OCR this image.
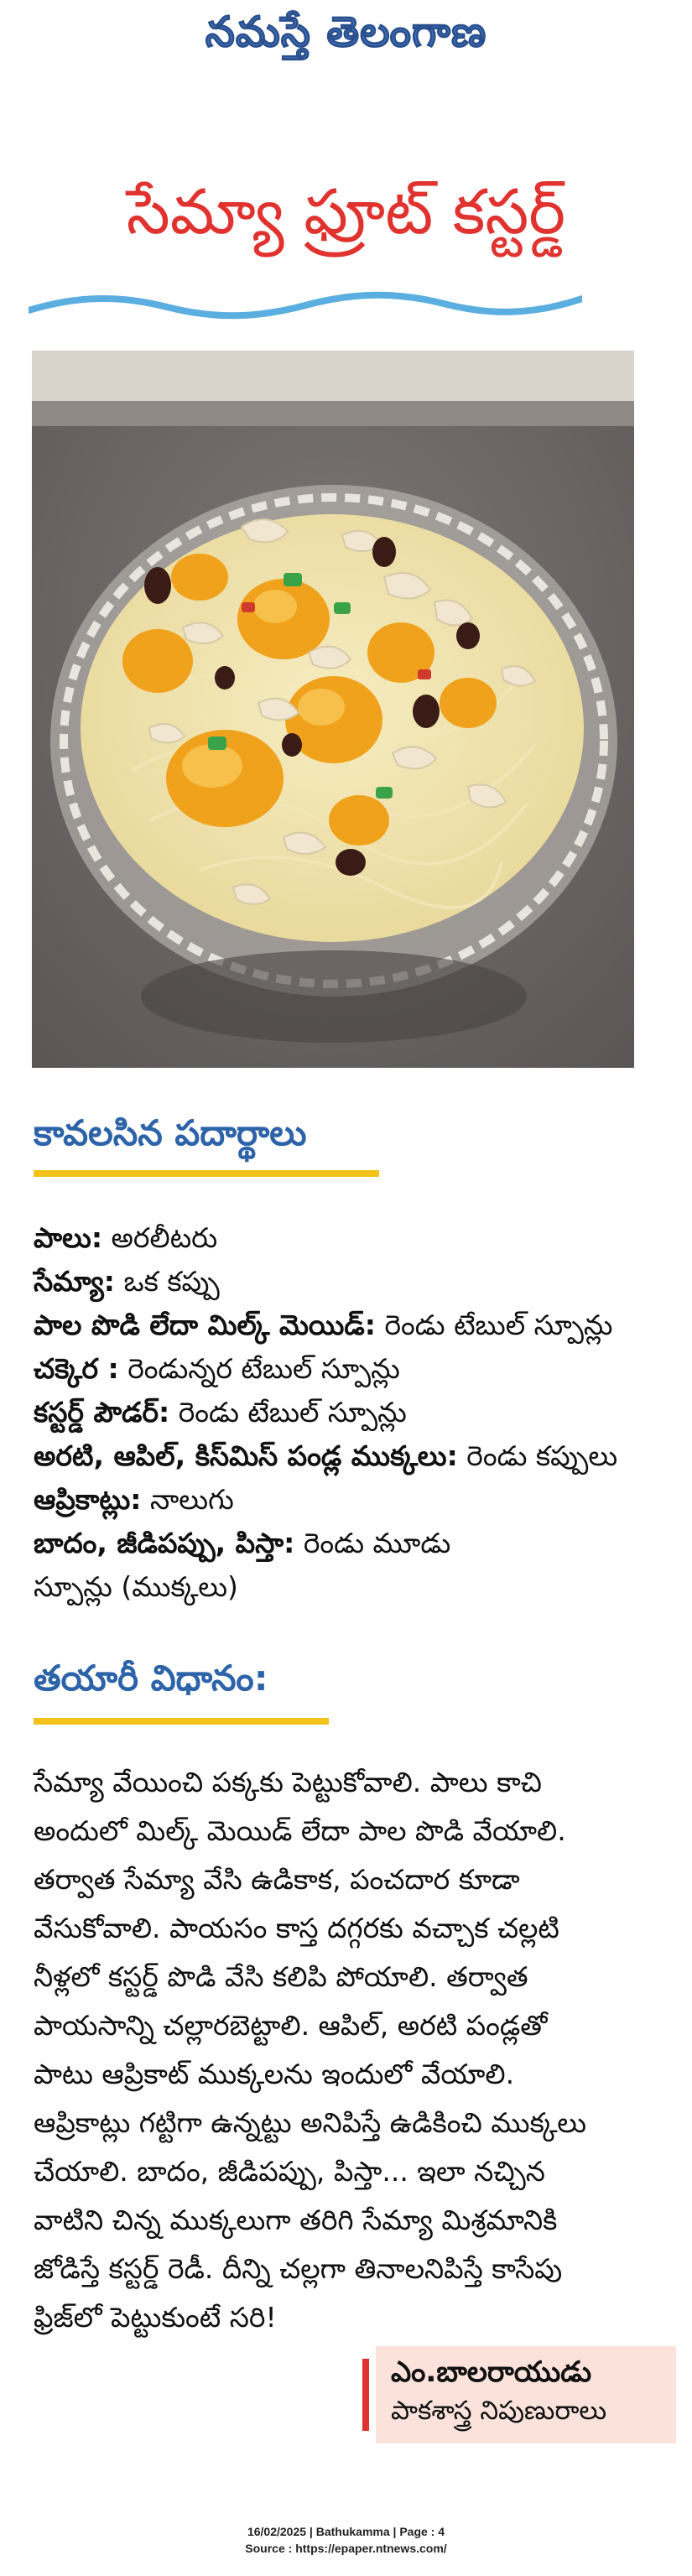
నమస్తే తెలంగాణ
సేమ్యా ఫ్రూట్ కస్టర్డ్
కావలసిన పదార్థాలు
పాలు: అరలీటరు
సేమ్యా: ఒక కప్పు
పాల పొడి లేదా మిల్క్ మెయిడ్: రెండు టేబుల్ స్పూన్లు
చక్కెర : రెండున్నర టేబుల్ స్పూన్లు
కస్టర్డ్ పౌడర్: రెండు టేబుల్ స్పూన్లు
అరటి, ఆపిల్, కిస్‌మిస్ పండ్ల ముక్కలు: రెండు కప్పులు
ఆప్రికాట్లు: నాలుగు
బాదం, జీడిపప్పు, పిస్తా: రెండు మూడు
స్పూన్లు (ముక్కలు)
తయారీ విధానం:
సేమ్యా వేయించి పక్కకు పెట్టుకోవాలి. పాలు కాచి
అందులో మిల్క్ మెయిడ్ లేదా పాల పొడి వేయాలి.
తర్వాత సేమ్యా వేసి ఉడికాక, పంచదార కూడా
వేసుకోవాలి. పాయసం కాస్త దగ్గరకు వచ్చాక చల్లటి
నీళ్లలో కస్టర్డ్ పొడి వేసి కలిపి పోయాలి. తర్వాత
పాయసాన్ని చల్లారబెట్టాలి. ఆపిల్, అరటి పండ్లతో
పాటు ఆప్రికాట్ ముక్కలను ఇందులో వేయాలి.
ఆప్రికాట్లు గట్టిగా ఉన్నట్టు అనిపిస్తే ఉడికించి ముక్కలు
చేయాలి. బాదం, జీడిపప్పు, పిస్తా... ఇలా నచ్చిన
వాటిని చిన్న ముక్కలుగా తరిగి సేమ్యా మిశ్రమానికి
జోడిస్తే కస్టర్డ్ రెడీ. దీన్ని చల్లగా తినాలనిపిస్తే కాసేపు
ఫ్రిజ్‌లో పెట్టుకుంటే సరి!
ఎం.బాలరాయుడు
పాకశాస్త్ర నిపుణురాలు
16/02/2025 | Bathukamma | Page : 4
Source : https://epaper.ntnews.com/
